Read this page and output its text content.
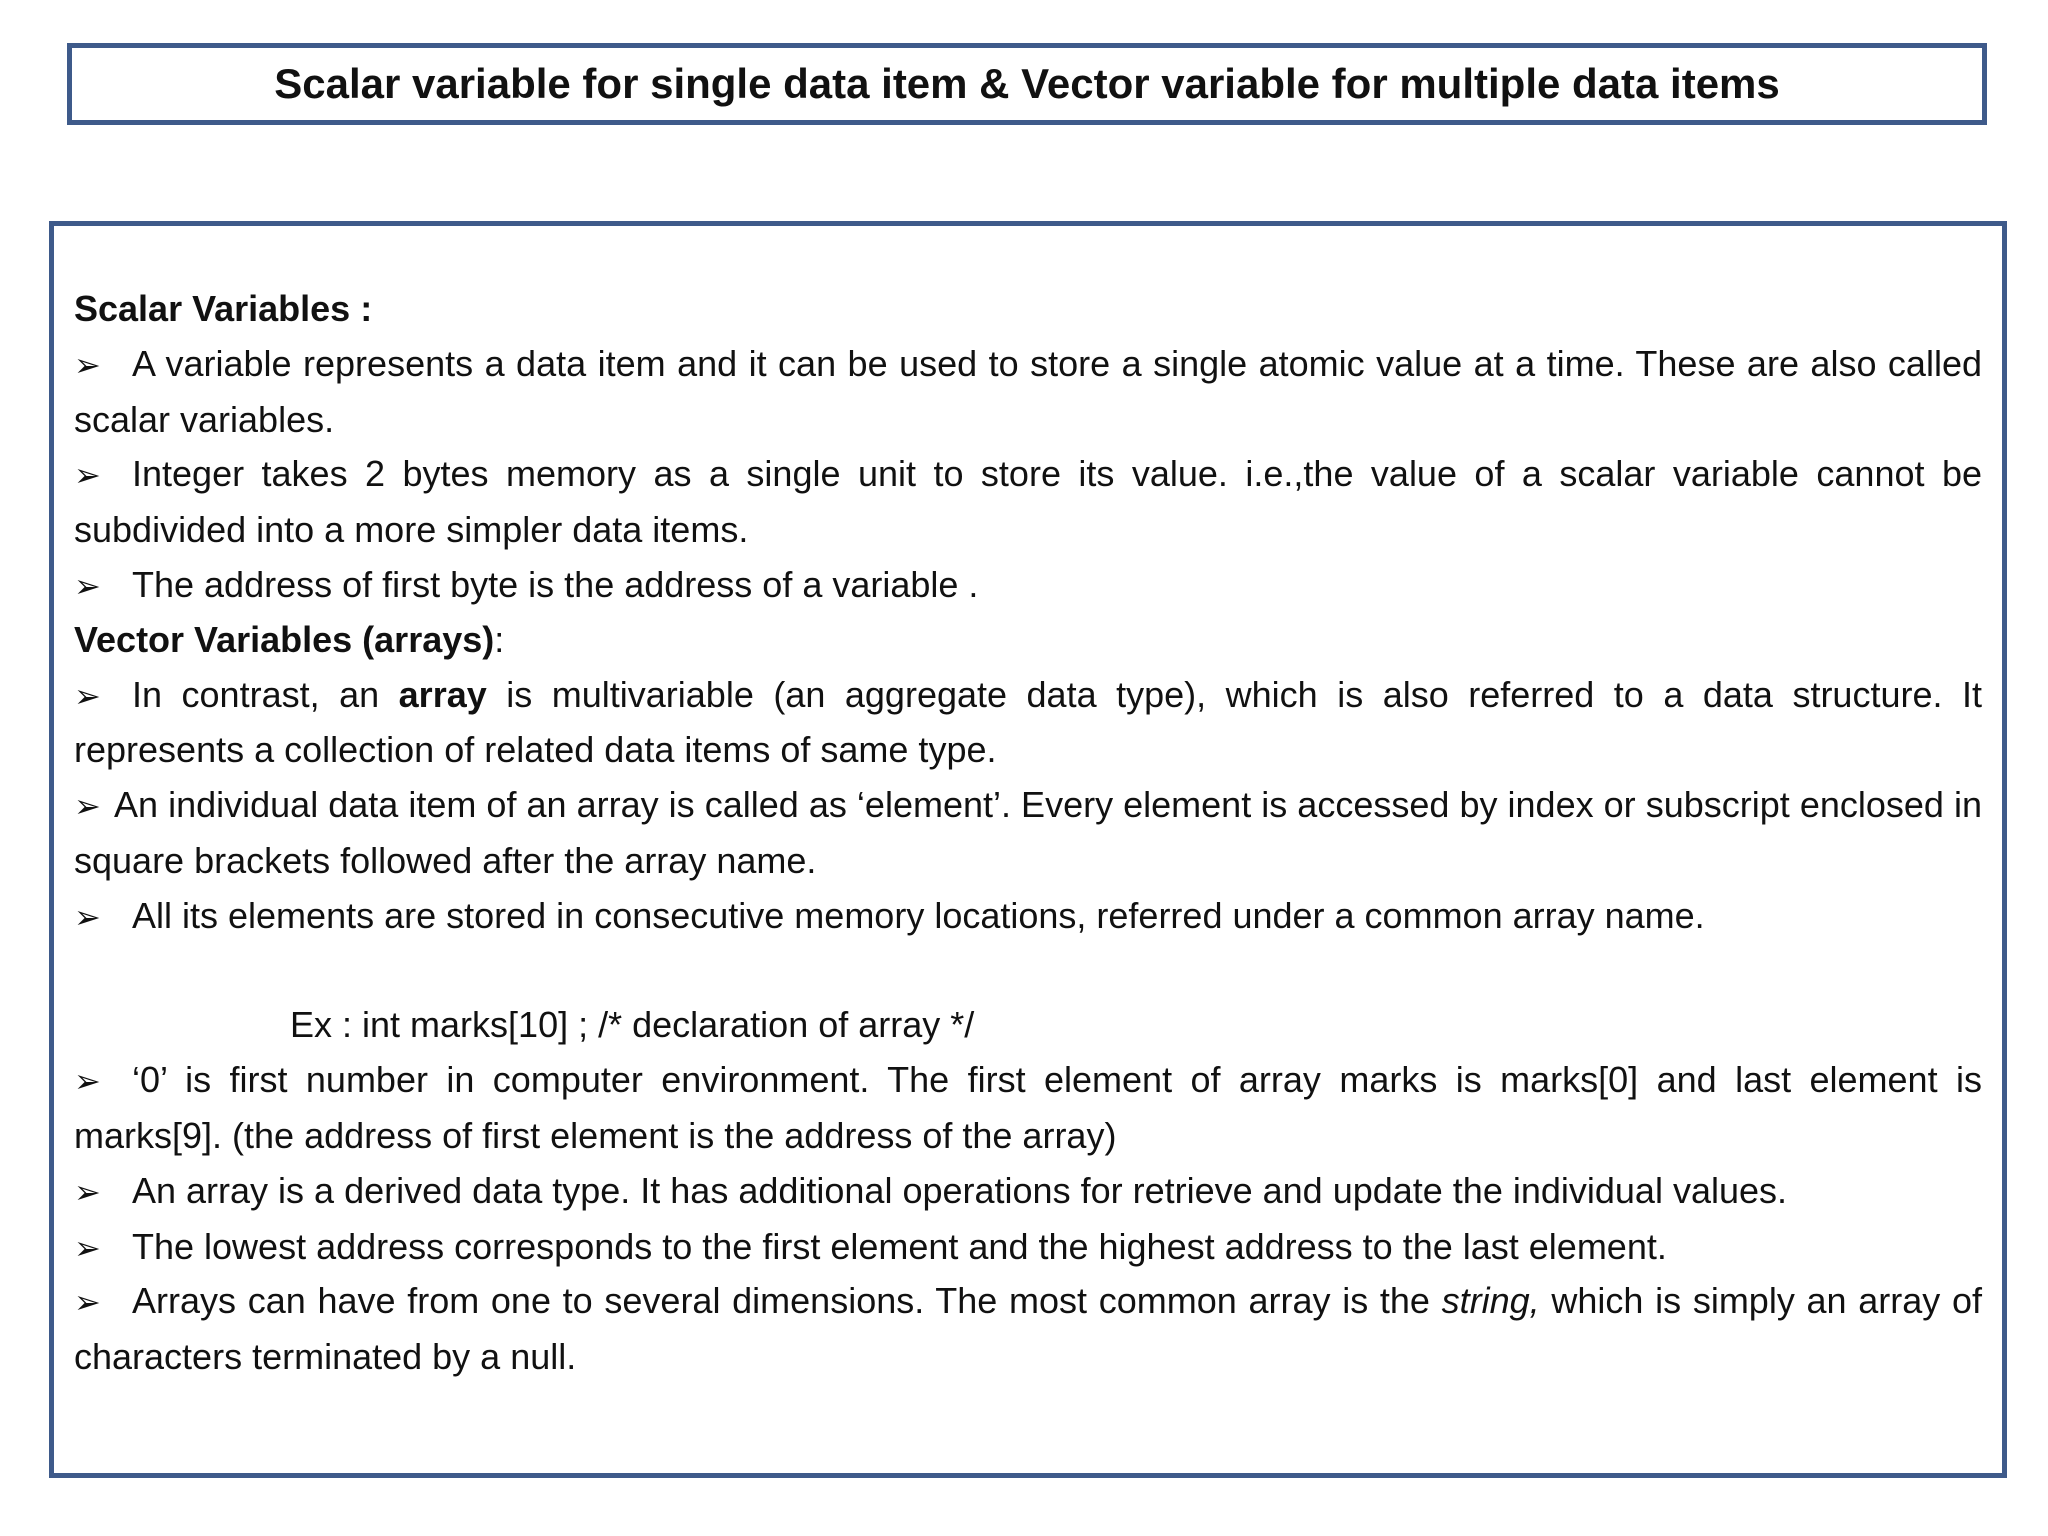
Scalar variable for single data item & Vector variable for multiple data items

Scalar Variables :

➢ A variable represents a data item and it can be used to store a single atomic value at a time. These are also called scalar variables.

➢ Integer takes 2 bytes memory as a single unit to store its value. i.e.,the value of a scalar variable cannot be subdivided into a more simpler data items.

➢ The address of first byte is the address of a variable .

Vector Variables (arrays):

➢ In contrast, an array is multivariable (an aggregate data type), which is also referred to a data structure. It represents a collection of related data items of same type.

➢ An individual data item of an array is called as ‘element’. Every element is accessed by index or subscript enclosed in square brackets followed after the array name.

➢ All its elements are stored in consecutive memory locations, referred under a common array name.

Ex : int marks[10] ; /* declaration of array */

➢ ‘0’ is first number in computer environment. The first element of array marks is marks[0] and last element is marks[9]. (the address of first element is the address of the array)

➢ An array is a derived data type. It has additional operations for retrieve and update the individual values.

➢ The lowest address corresponds to the first element and the highest address to the last element.

➢ Arrays can have from one to several dimensions. The most common array is the string, which is simply an array of characters terminated by a null.
